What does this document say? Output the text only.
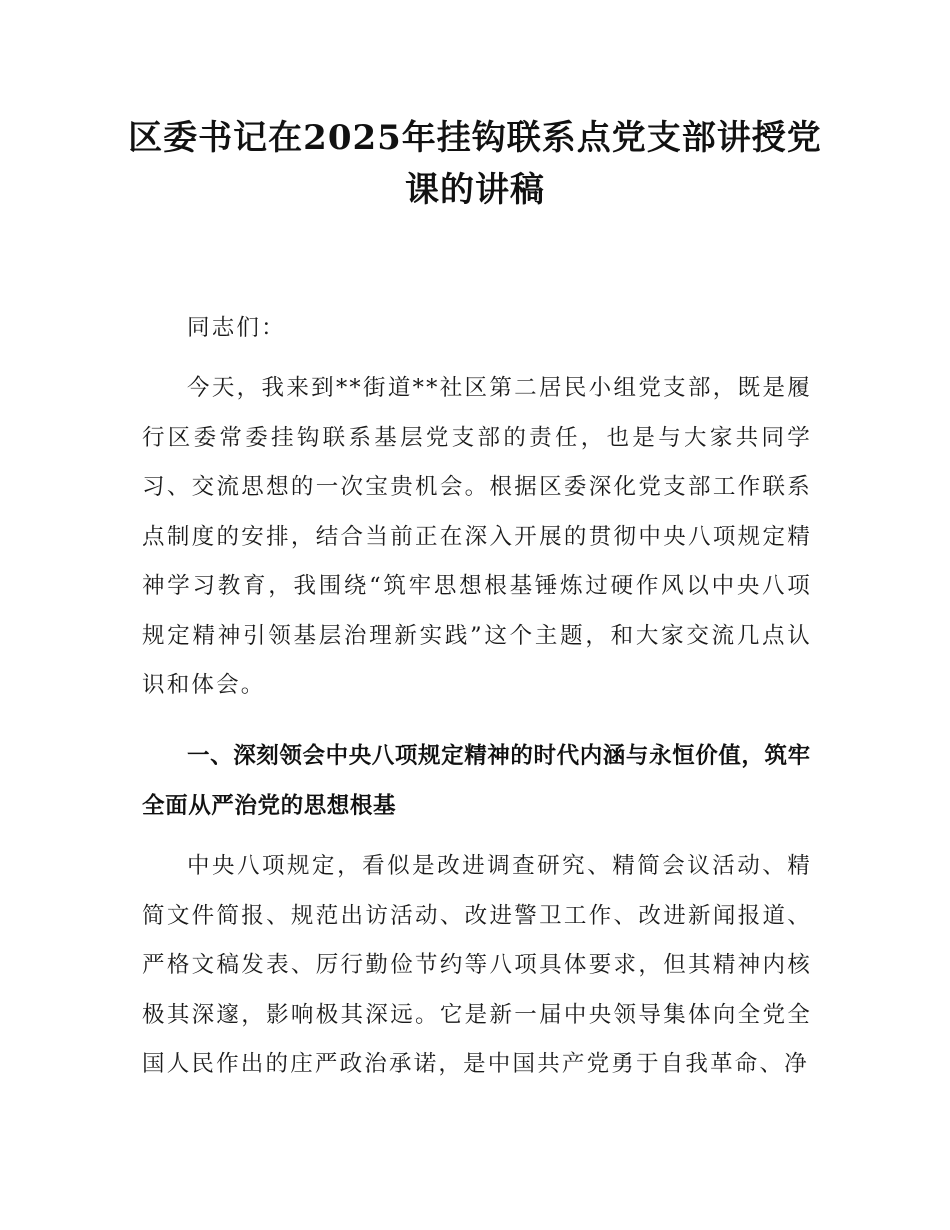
区委书记在2025年挂钩联系点党支部讲授党课的讲稿
同志们：
今天，我来到**街道**社区第二居民小组党支部，既是履行区委常委挂钩联系基层党支部的责任，也是与大家共同学习、交流思想的一次宝贵机会。根据区委深化党支部工作联系点制度的安排，结合当前正在深入开展的贯彻中央八项规定精神学习教育，我围绕“筑牢思想根基锤炼过硬作风以中央八项规定精神引领基层治理新实践”这个主题，和大家交流几点认识和体会。
一、深刻领会中央八项规定精神的时代内涵与永恒价值，筑牢全面从严治党的思想根基
中央八项规定，看似是改进调查研究、精简会议活动、精简文件简报、规范出访活动、改进警卫工作、改进新闻报道、严格文稿发表、厉行勤俭节约等八项具体要求，但其精神内核极其深邃，影响极其深远。它是新一届中央领导集体向全党全国人民作出的庄严政治承诺，是中国共产党勇于自我革命、净
